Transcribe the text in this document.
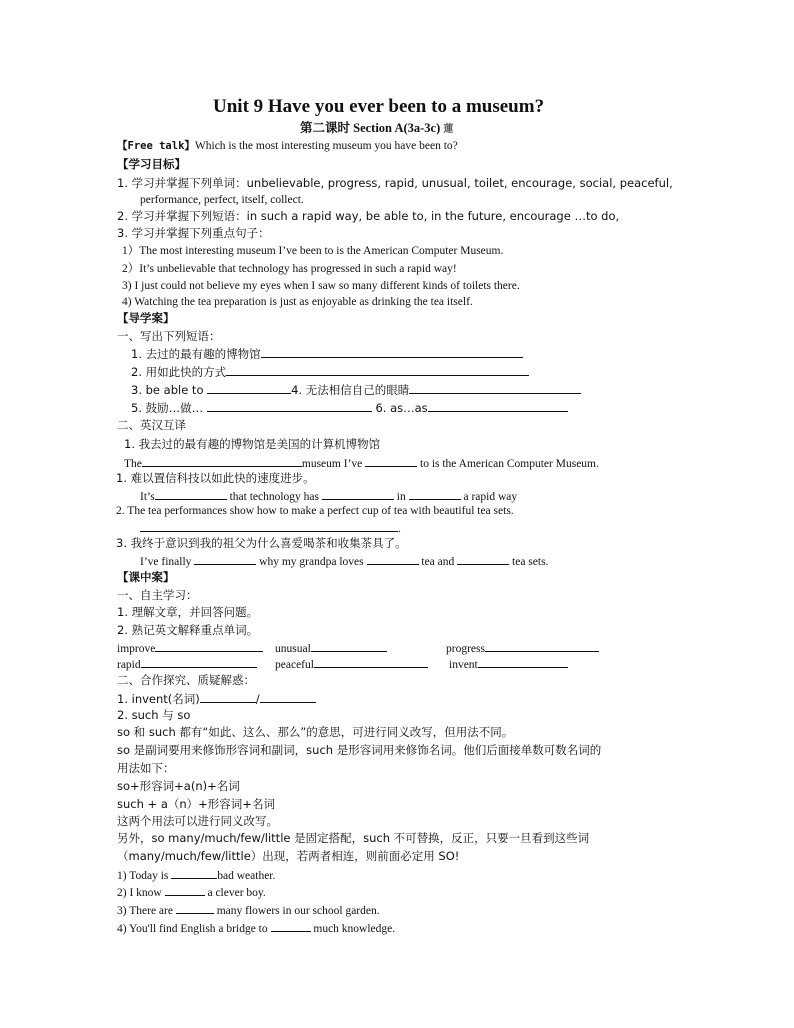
Unit 9 Have you ever been to a museum?
第二课时 Section A(3a-3c) 蓮
【Free talk】Which is the most interesting museum you have been to?
【学习目标】
1. 学习并掌握下列单词：unbelievable, progress, rapid, unusual, toilet, encourage, social, peaceful,
performance, perfect, itself, collect.
2. 学习并掌握下列短语：in such a rapid way, be able to, in the future, encourage …to do,
3. 学习并掌握下列重点句子：
1）The most interesting museum I’ve been to is the American Computer Museum.
2）It’s unbelievable that technology has progressed in such a rapid way!
3) I just could not believe my eyes when I saw so many different kinds of toilets there.
4) Watching the tea preparation is just as enjoyable as drinking the tea itself.
【导学案】
一、写出下列短语：
1. 去过的最有趣的博物馆
2. 用如此快的方式
3. be able to	4. 无法相信自己的眼睛
5. 鼓励…做…	6. as…as
二、英汉互译
1. 我去过的最有趣的博物馆是美国的计算机博物馆
The	museum I’ve	to is the American Computer Museum.
1. 难以置信科技以如此快的速度进步。
It’s	that technology has	in	a rapid way
2. The tea performances show how to make a perfect cup of tea with beautiful tea sets.
.
3. 我终于意识到我的祖父为什么喜爱喝茶和收集茶具了。
I’ve finally	why my grandpa loves	tea and	tea sets.
【课中案】
一、自主学习：
1. 理解文章，并回答问题。
2. 熟记英文解释重点单词。
improve	unusual	progress
rapid	peaceful	invent
二、合作探究、质疑解惑：
1. invent(名词)	/
2. such 与 so
so 和 such 都有“如此、这么、那么”的意思，可进行同义改写，但用法不同。
so 是副词要用来修饰形容词和副词，such 是形容词用来修饰名词。他们后面接单数可数名词的
用法如下：
so+形容词+a(n)+名词
such + a（n）+形容词+名词
这两个用法可以进行同义改写。
另外，so many/much/few/little 是固定搭配，such 不可替换，反正，只要一旦看到这些词
（many/much/few/little）出现，若两者相连，则前面必定用 SO!
1) Today is	bad weather.
2) I know	a clever boy.
3) There are	many flowers in our school garden.
4) You'll find English a bridge to	much knowledge.
